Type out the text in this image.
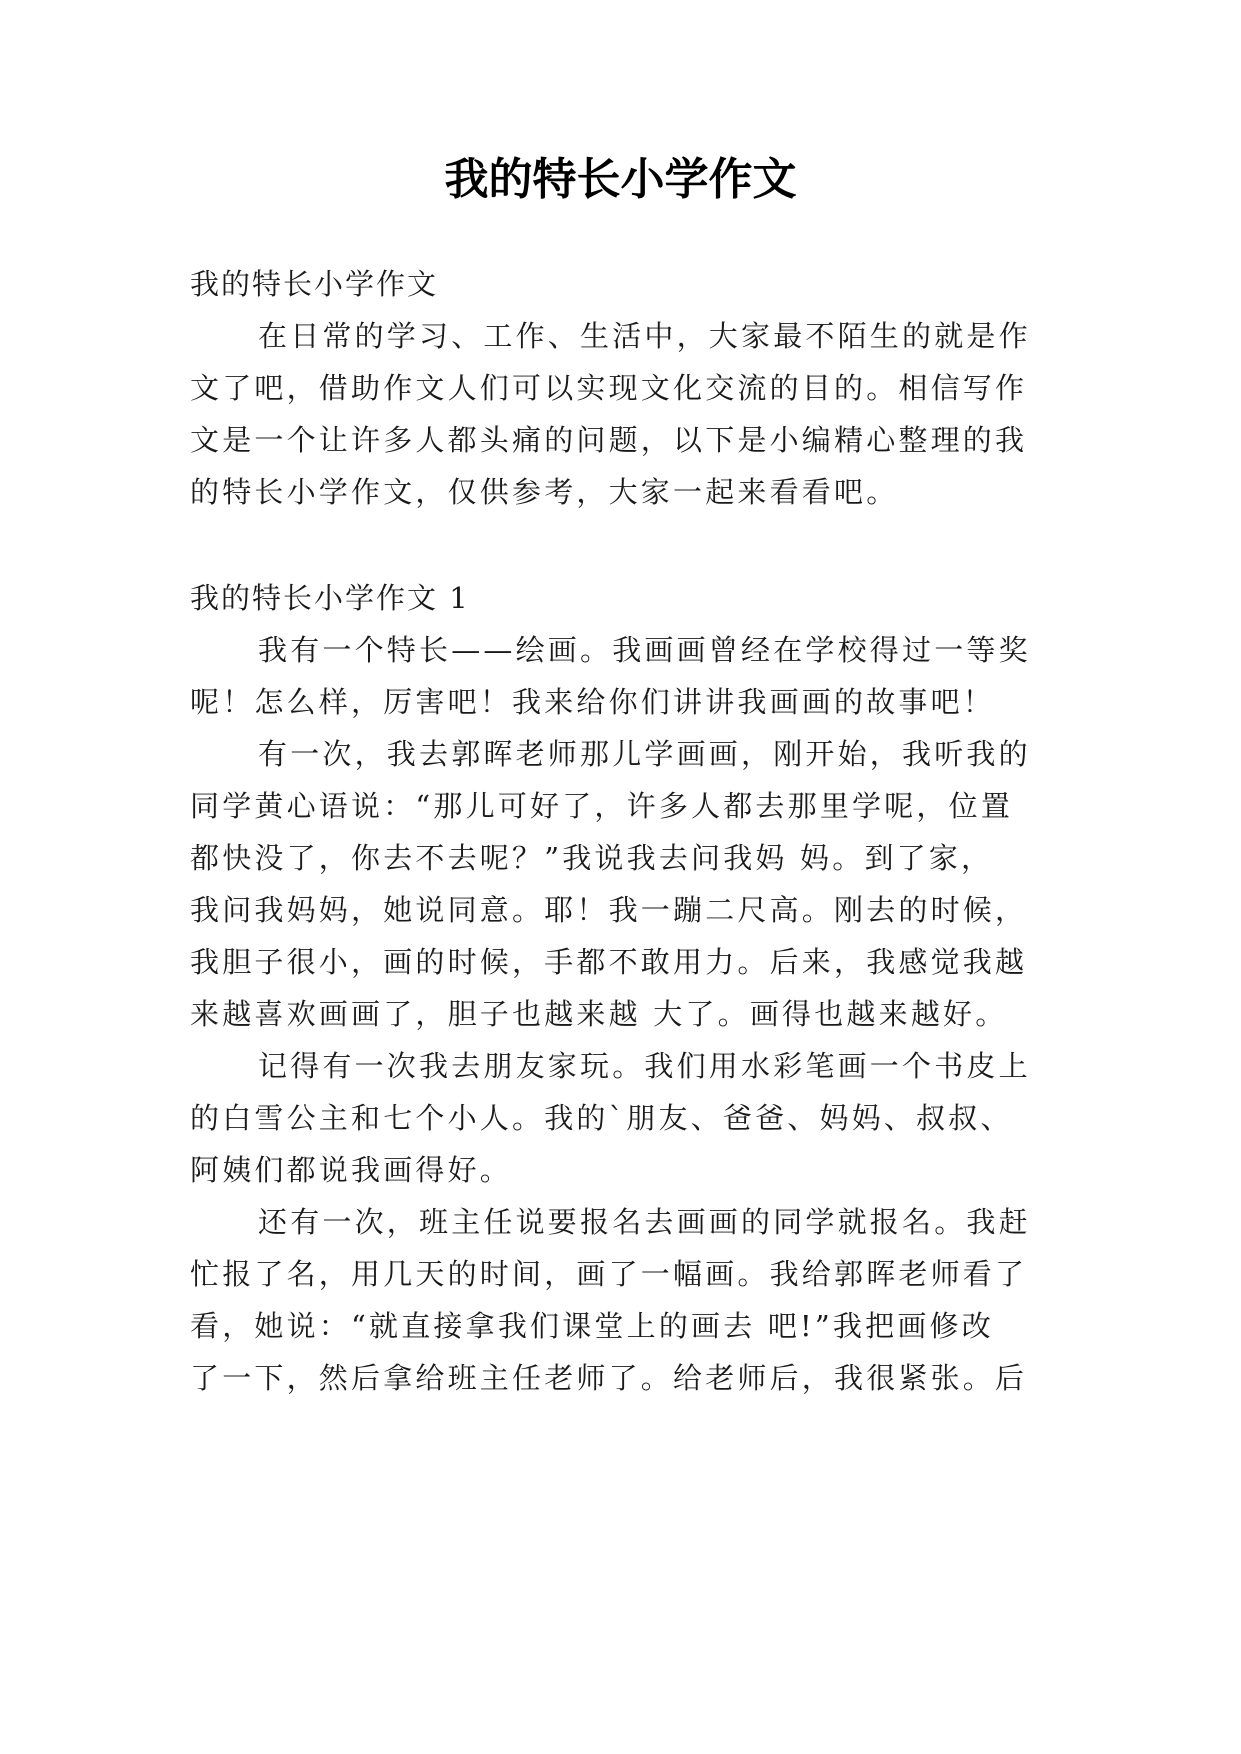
我的特长小学作文
我的特长小学作文
在日常的学习、工作、生活中，大家最不陌生的就是作
文了吧，借助作文人们可以实现文化交流的目的。相信写作
文是一个让许多人都头痛的问题，以下是小编精心整理的我
的特长小学作文，仅供参考，大家一起来看看吧。
我的特长小学作文 1
我有一个特长——绘画。我画画曾经在学校得过一等奖
呢！怎么样，厉害吧！我来给你们讲讲我画画的故事吧！
有一次，我去郭晖老师那儿学画画，刚开始，我听我的
同学黄心语说：“那儿可好了，许多人都去那里学呢，位置
都快没了，你去不去呢？”我说我去问我妈 妈。到了家，
我问我妈妈，她说同意。耶！我一蹦二尺高。刚去的时候，
我胆子很小，画的时候，手都不敢用力。后来，我感觉我越
来越喜欢画画了，胆子也越来越 大了。画得也越来越好。
记得有一次我去朋友家玩。我们用水彩笔画一个书皮上
的白雪公主和七个小人。我的`朋友、爸爸、妈妈、叔叔、
阿姨们都说我画得好。
还有一次，班主任说要报名去画画的同学就报名。我赶
忙报了名，用几天的时间，画了一幅画。我给郭晖老师看了
看，她说：“就直接拿我们课堂上的画去 吧!”我把画修改
了一下，然后拿给班主任老师了。给老师后，我很紧张。后
